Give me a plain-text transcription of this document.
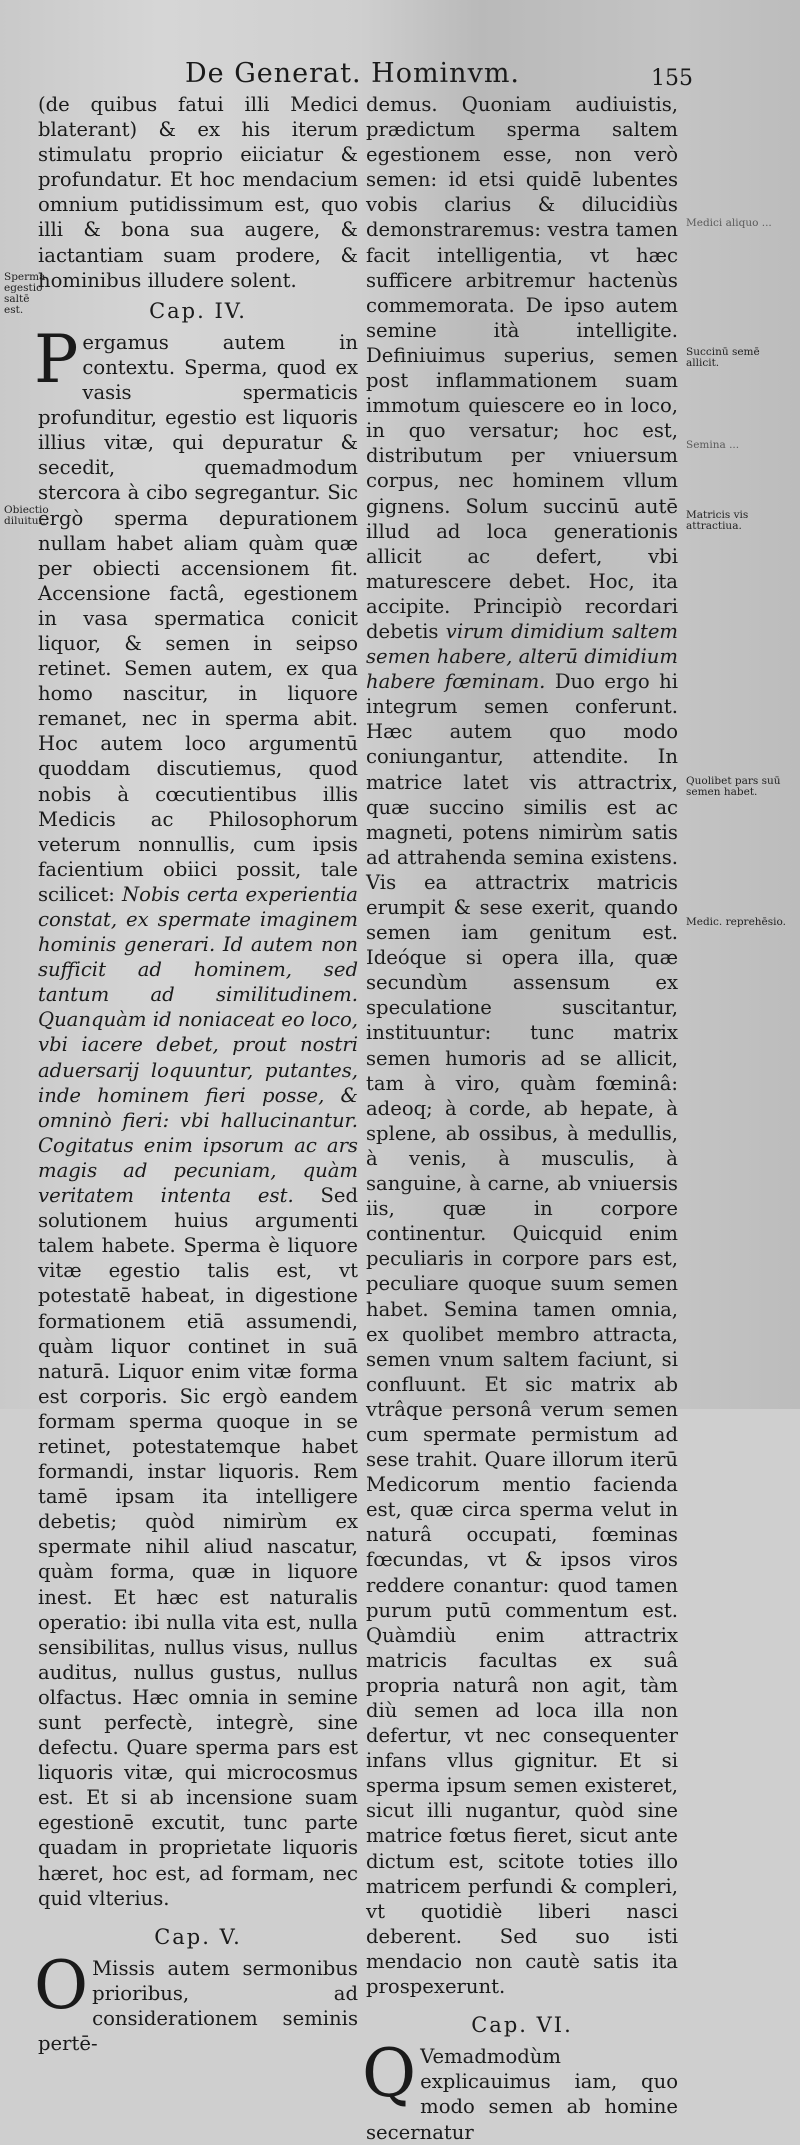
De Generat. Hominvm.	155

(de quibus fatui illi Medici blaterant) & ex his iterum stimulatu proprio eiiciatur & profundatur. Et hoc mendacium omnium putidissimum est, quo illi & bona sua augere, & iactantiam suam prodere, & hominibus illudere solent.

Cap. IV.

Pergamus autem in contextu. Sperma, quod ex vasis spermaticis profunditur, egestio est liquoris illius vitæ, qui depuratur & secedit, quemadmodum stercora à cibo segregantur. Sic ergò sperma depurationem nullam habet aliam quàm quæ per obiecti accensionem fit. Accensione factâ, egestionem in vasa spermatica conicit liquor, & semen in seipso retinet. Semen autem, ex qua homo nascitur, in liquore remanet, nec in sperma abit. Hoc autem loco argumentū quoddam discutiemus, quod nobis à cœcutientibus illis Medicis ac Philosophorum veterum nonnullis, cum ipsis facientium obiici possit, tale scilicet: Nobis certa experientia constat, ex spermate imaginem hominis generari. Id autem non sufficit ad hominem, sed tantum ad similitudinem. Quanquàm id noniaceat eo loco, vbi iacere debet, prout nostri aduersarij loquuntur, putantes, inde hominem fieri posse, & omninò fieri: vbi hallucinantur. Cogitatus enim ipsorum ac ars magis ad pecuniam, quàm veritatem intenta est. Sed solutionem huius argumenti talem habete. Sperma è liquore vitæ egestio talis est, vt potestatē habeat, in digestione formationem etiā assumendi, quàm liquor continet in suā naturā. Liquor enim vitæ forma est corporis. Sic ergò eandem formam sperma quoque in se retinet, potestatemque habet formandi, instar liquoris. Rem tamē ipsam ita intelligere debetis; quòd nimirùm ex spermate nihil aliud nascatur, quàm forma, quæ in liquore inest. Et hæc est naturalis operatio: ibi nulla vita est, nulla sensibilitas, nullus visus, nullus auditus, nullus gustus, nullus olfactus. Hæc omnia in semine sunt perfectè, integrè, sine defectu. Quare sperma pars est liquoris vitæ, qui microcosmus est. Et si ab incensione suam egestionē excutit, tunc parte quadam in proprietate liquoris hæret, hoc est, ad formam, nec quid vlterius.

Cap. V.

O Missis autem sermonibus prioribus, ad considerationem seminis pertē-

demus. Quoniam audiuistis, prædictum sperma saltem egestionem esse, non verò semen: id etsi quidē lubentes vobis clarius & dilucidiùs demonstraremus: vestra tamen facit intelligentia, vt hæc sufficere arbitremur hactenùs commemorata. De ipso autem semine ità intelligite. Definiuimus superius, semen post inflammationem suam immotum quiescere eo in loco, in quo versatur; hoc est, distributum per vniuersum corpus, nec hominem vllum gignens. Solum succinū autē illud ad loca generationis allicit ac defert, vbi maturescere debet. Hoc, ita accipite. Principiò recordari debetis virum dimidium saltem semen habere, alterū dimidium habere fœminam. Duo ergo hi integrum semen conferunt. Hæc autem quo modo coniungantur, attendite. In matrice latet vis attractrix, quæ succino similis est ac magneti, potens nimirùm satis ad attrahenda semina existens. Vis ea attractrix matricis erumpit & sese exerit, quando semen iam genitum est. Ideóque si opera illa, quæ secundùm assensum ex speculatione suscitantur, instituuntur: tunc matrix semen humoris ad se allicit, tam à viro, quàm fœminâ: adeoq; à corde, ab hepate, à splene, ab ossibus, à medullis, à venis, à musculis, à sanguine, à carne, ab vniuersis iis, quæ in corpore continentur. Quicquid enim peculiaris in corpore pars est, peculiare quoque suum semen habet. Semina tamen omnia, ex quolibet membro attracta, semen vnum saltem faciunt, si confluunt. Et sic matrix ab vtrâque personâ verum semen cum spermate permistum ad sese trahit. Quare illorum iterū Medicorum mentio facienda est, quæ circa sperma velut in naturâ occupati, fœminas fœcundas, vt & ipsos viros reddere conantur: quod tamen purum putū commentum est. Quàmdiù enim attractrix matricis facultas ex suâ propria naturâ non agit, tàm diù semen ad loca illa non defertur, vt nec consequenter infans vllus gignitur. Et si sperma ipsum semen existeret, sicut illi nugantur, quòd sine matrice fœtus fieret, sicut ante dictum est, scitote toties illo matricem perfundi & compleri, vt quotidiè liberi nasci deberent. Sed suo isti mendacio non cautè satis ita prospexerunt.

Cap. VI.

Q Vemadmodùm explicauimus iam, quo modo semen ab homine secernatur

Sperma egestio saltē est.
Obiectio diluitur.
Medici aliquo ...
Succinū semē allicit.
Semina ...
Matricis vis attractiua.
Quolibet pars suū semen habet.
Medic. reprehēsio.
